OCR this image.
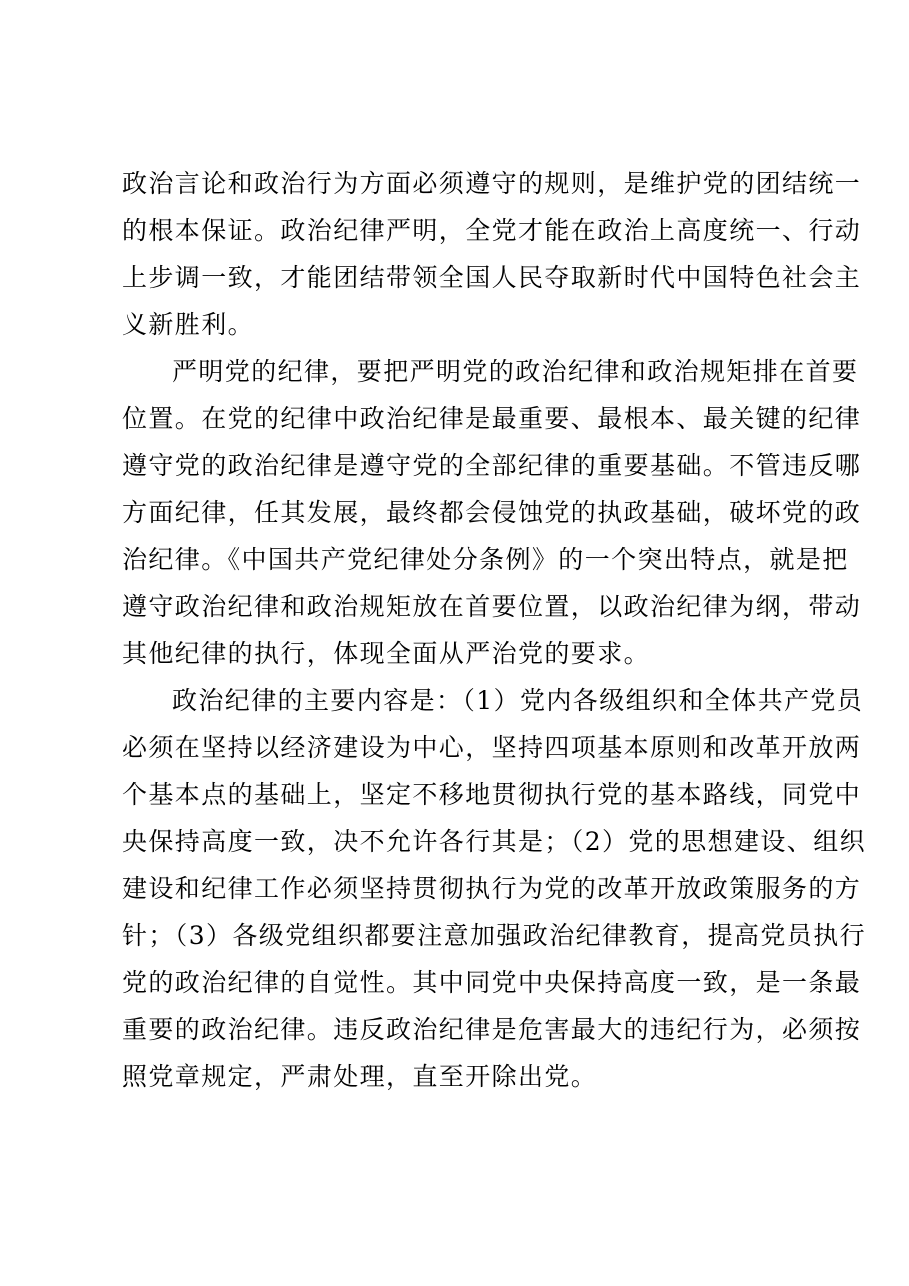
政治言论和政治行为方面必须遵守的规则，是维护党的团结统一
的根本保证。政治纪律严明，全党才能在政治上高度统一、行动
上步调一致，才能团结带领全国人民夺取新时代中国特色社会主
义新胜利。

严明党的纪律，要把严明党的政治纪律和政治规矩排在首要
位置。在党的纪律中政治纪律是最重要、最根本、最关键的纪律
遵守党的政治纪律是遵守党的全部纪律的重要基础。不管违反哪
方面纪律，任其发展，最终都会侵蚀党的执政基础，破坏党的政
治纪律。《中国共产党纪律处分条例》的一个突出特点，就是把
遵守政治纪律和政治规矩放在首要位置，以政治纪律为纲，带动
其他纪律的执行，体现全面从严治党的要求。

政治纪律的主要内容是：（1）党内各级组织和全体共产党员
必须在坚持以经济建设为中心，坚持四项基本原则和改革开放两
个基本点的基础上，坚定不移地贯彻执行党的基本路线，同党中
央保持高度一致，决不允许各行其是；（2）党的思想建设、组织
建设和纪律工作必须坚持贯彻执行为党的改革开放政策服务的方
针；（3）各级党组织都要注意加强政治纪律教育，提高党员执行
党的政治纪律的自觉性。其中同党中央保持高度一致，是一条最
重要的政治纪律。违反政治纪律是危害最大的违纪行为，必须按
照党章规定，严肃处理，直至开除出党。
